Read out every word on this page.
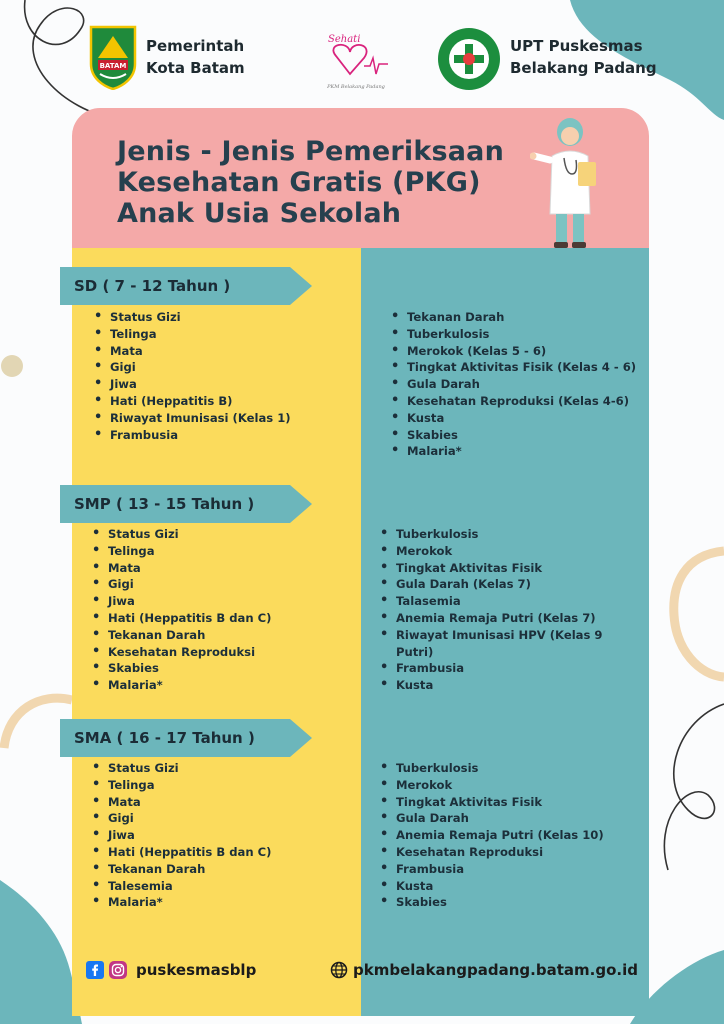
BATAM
Pemerintah
Kota Batam
Sehati
PKM Belakang Padang
UPT Puskesmas
Belakang Padang
Jenis - Jenis Pemeriksaan
Kesehatan Gratis (PKG)
Anak Usia Sekolah
SD ( 7 - 12 Tahun )
SMP ( 13 - 15 Tahun )
SMA ( 16 - 17 Tahun )
• Status Gizi
• Telinga
• Mata
• Gigi
• Jiwa
• Hati (Heppatitis B)
• Riwayat Imunisasi (Kelas 1)
• Frambusia
• Tekanan Darah
• Tuberkulosis
• Merokok (Kelas 5 - 6)
• Tingkat Aktivitas Fisik (Kelas 4 - 6)
• Gula Darah
• Kesehatan Reproduksi (Kelas 4-6)
• Kusta
• Skabies
• Malaria*
• Status Gizi
• Telinga
• Mata
• Gigi
• Jiwa
• Hati (Heppatitis B dan C)
• Tekanan Darah
• Kesehatan Reproduksi
• Skabies
• Malaria*
• Tuberkulosis
• Merokok
• Tingkat Aktivitas Fisik
• Gula Darah (Kelas 7)
• Talasemia
• Anemia Remaja Putri (Kelas 7)
• Riwayat Imunisasi HPV (Kelas 9 Putri)
• Frambusia
• Kusta
• Status Gizi
• Telinga
• Mata
• Gigi
• Jiwa
• Hati (Heppatitis B dan C)
• Tekanan Darah
• Talesemia
• Malaria*
• Tuberkulosis
• Merokok
• Tingkat Aktivitas Fisik
• Gula Darah
• Anemia Remaja Putri (Kelas 10)
• Kesehatan Reproduksi
• Frambusia
• Kusta
• Skabies
puskesmasblp	pkmbelakangpadang.batam.go.id
